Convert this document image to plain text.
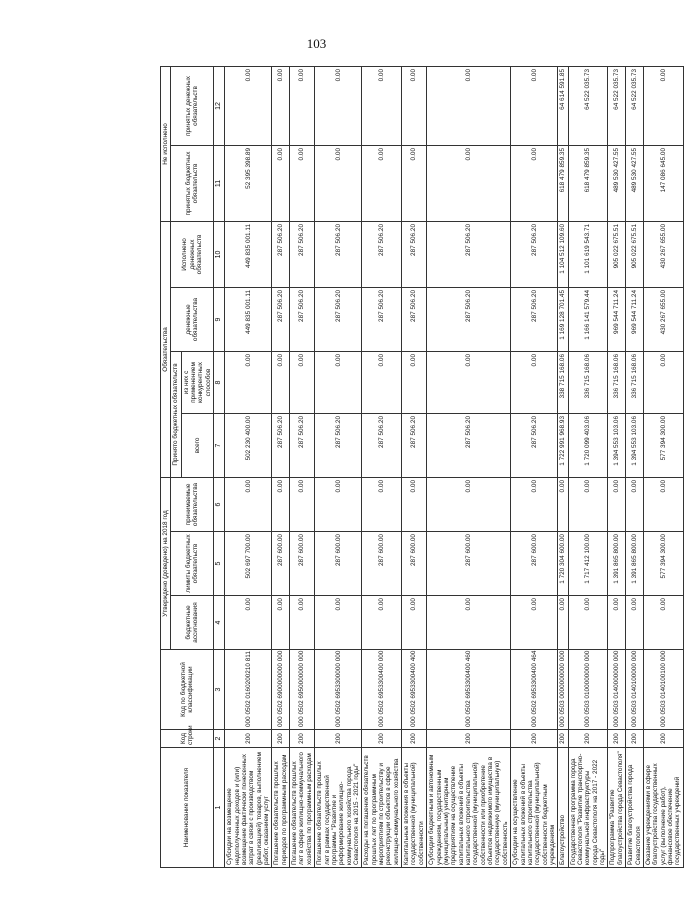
103
Наименование показателя	Код строки	Код по бюджетной классификации	Утверждено (доведено) на 2018 год			Обязательства				Не исполнено	
			бюджетные ассигнования	лимиты бюджетных обязательств	принимаемые обязательства	Принято бюджетных обязательств		денежные обязательства	Исполнено денежных обязательств	принятых бюджетных обязательств	принятых денежных обязательств
						всего	из них с применением конкурентных способов				
1	2	3	4	5	6	7	8	9	10	11	12
Субсидии на возмещение недополученных доходов и (или) возмещение фактически понесенных затрат в связи с производством (реализацией) товаров, выполнением работ, оказанием услуг	200	000 0502 0160200210 811	0.00	502 697 700.00	0.00	502 230 400.00	0.00	449 835 001.11	449 835 001.11	52 395 398.89	0.00
Погашение обязательств прошлых периодов по программным расходам	200	000 0502 6900000000 000	0.00	287 600.00	0.00	287 506.20	0.00	287 506.20	287 506.20	0.00	0.00
Погашение обязательств прошлых лет в сфере жилищно-коммунального хозяйства по программным расходам	200	000 0502 6950000000 000	0.00	287 600.00	0.00	287 506.20	0.00	287 506.20	287 506.20	0.00	0.00
Погашение обязательств прошлых лет в рамках государственной программы "Развитие и реформирование жилищно-коммунального хозяйства города Севастополя на 2015 - 2021 годы"	200	000 0502 6953300000 000	0.00	287 600.00	0.00	287 506.20	0.00	287 506.20	287 506.20	0.00	0.00
Расходы на погашение обязательств прошлых лет по программным мероприятиям по строительству и реконструкции объектов в сфере жилищно-коммунального хозяйства	200	000 0502 6953300400 000	0.00	287 600.00	0.00	287 506.20	0.00	287 506.20	287 506.20	0.00	0.00
Капитальные вложения в объекты государственной (муниципальной) собственности	200	000 0502 6953300400 400	0.00	287 600.00	0.00	287 506.20	0.00	287 506.20	287 506.20	0.00	0.00
Субсидии бюджетным и автономным учреждениям, государственным (муниципальным) унитарным предприятиям на осуществление капитальных вложений в объекты капитального строительства государственной (муниципальной) собственности или приобретение объектов недвижимого имущества в государственную (муниципальную) собственность	200	000 0502 6953300400 460	0.00	287 600.00	0.00	287 506.20	0.00	287 506.20	287 506.20	0.00	0.00
Субсидии на осуществление капитальных вложений в объекты капитального строительства государственной (муниципальной) собственности бюджетным учреждениям	200	000 0502 6953300400 464	0.00	287 600.00	0.00	287 506.20	0.00	287 506.20	287 506.20	0.00	0.00
Благоустройство	200	000 0503 0000000000 000	0.00	1 720 304 600.00	0.00	1 722 991 968.93	338 715 168.06	1 169 128 701.45	1 104 512 109.60	618 479 859.35	64 614 591.85
Государственная программа города Севастополя "Развитие транспортно-коммунальной инфраструктуры города Севастополя на 2017 - 2022 годы"	200	000 0503 0100000000 000	0.00	1 717 412 100.00	0.00	1 720 099 403.06	336 715 168.06	1 166 141 579.44	1 101 619 543.71	618 479 859.35	64 522 035.73
Подпрограмма "Развитие благоустройства города Севастополя"	200	000 0503 0140000000 000	0.00	1 391 865 800.00	0.00	1 394 553 103.06	336 715 168.06	969 544 711.24	905 022 675.51	489 530 427.55	64 522 035.73
Развитие благоустройства города Севастополя	200	000 0503 0140100000 000	0.00	1 391 865 800.00	0.00	1 394 553 103.06	336 715 168.06	969 544 711.24	905 022 675.51	489 530 427.55	64 522 035.73
Оказание учреждениями в сфере благоустройства государственных услуг (выполнение работ), финансовое обеспечение государственных учреждений	200	000 0503 0140100100 000	0.00	577 394 300.00	0.00	577 394 300.00	0.00	430 267 655.00	430 267 655.00	147 086 645.00	0.00
